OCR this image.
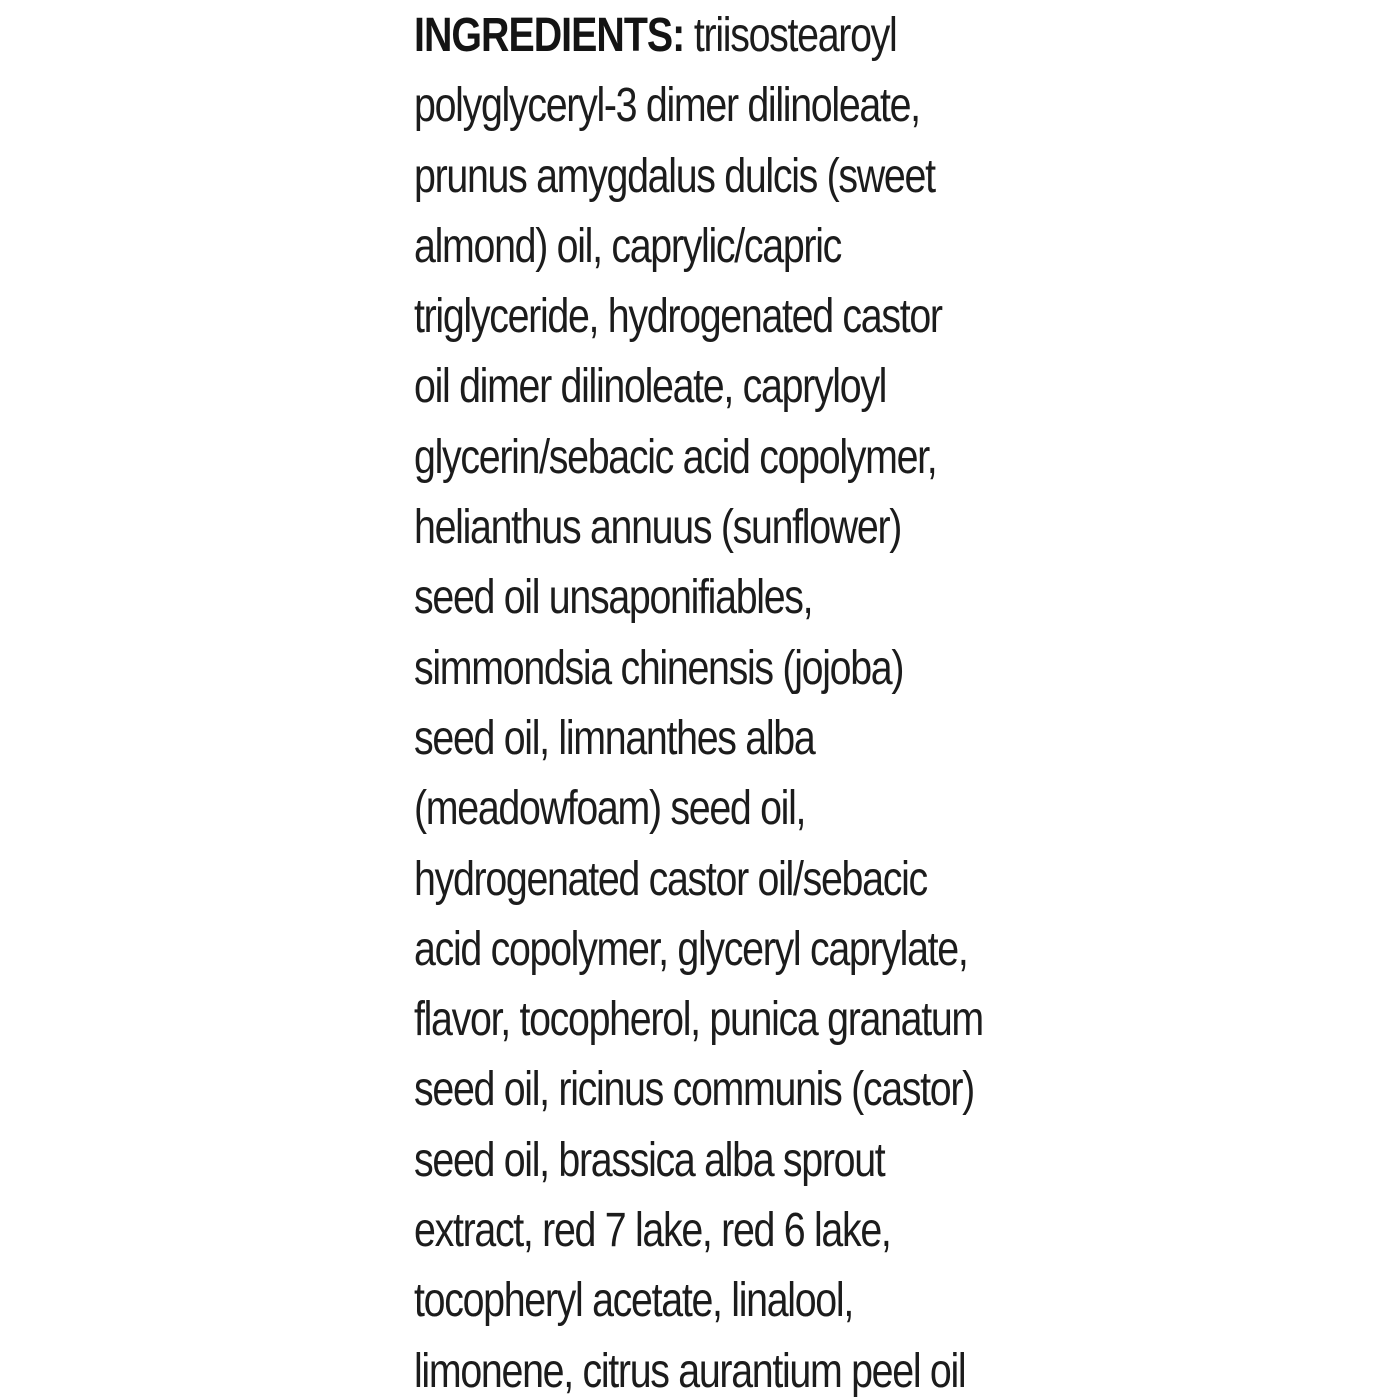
INGREDIENTS: triisostearoyl
polyglyceryl-3 dimer dilinoleate,
prunus amygdalus dulcis (sweet
almond) oil, caprylic/capric
triglyceride, hydrogenated castor
oil dimer dilinoleate, capryloyl
glycerin/sebacic acid copolymer,
helianthus annuus (sunflower)
seed oil unsaponifiables,
simmondsia chinensis (jojoba)
seed oil, limnanthes alba
(meadowfoam) seed oil,
hydrogenated castor oil/sebacic
acid copolymer, glyceryl caprylate,
flavor, tocopherol, punica granatum
seed oil, ricinus communis (castor)
seed oil, brassica alba sprout
extract, red 7 lake, red 6 lake,
tocopheryl acetate, linalool,
limonene, citrus aurantium peel oil
